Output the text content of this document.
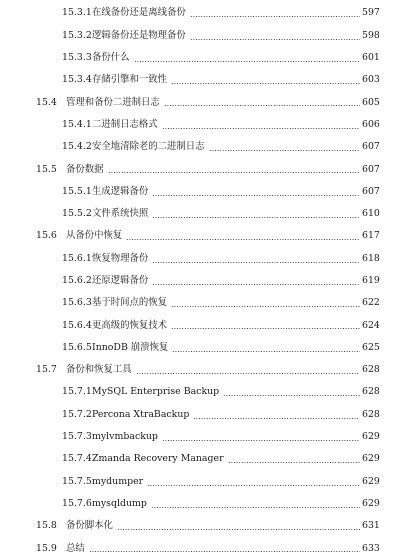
15.3.1 在线备份还是离线备份	597
15.3.2 逻辑备份还是物理备份	598
15.3.3 备份什么	601
15.3.4 存储引擎和一致性	603
15.4 管理和备份二进制日志	605
15.4.1 二进制日志格式	606
15.4.2 安全地清除老的二进制日志	607
15.5 备份数据	607
15.5.1 生成逻辑备份	607
15.5.2 文件系统快照	610
15.6 从备份中恢复	617
15.6.1 恢复物理备份	618
15.6.2 还原逻辑备份	619
15.6.3 基于时间点的恢复	622
15.6.4 更高级的恢复技术	624
15.6.5 InnoDB 崩溃恢复	625
15.7 备份和恢复工具	628
15.7.1 MySQL Enterprise Backup	628
15.7.2 Percona XtraBackup	628
15.7.3 mylvmbackup	629
15.7.4 Zmanda Recovery Manager	629
15.7.5 mydumper	629
15.7.6 mysqldump	629
15.8 备份脚本化	631
15.9 总结	633
